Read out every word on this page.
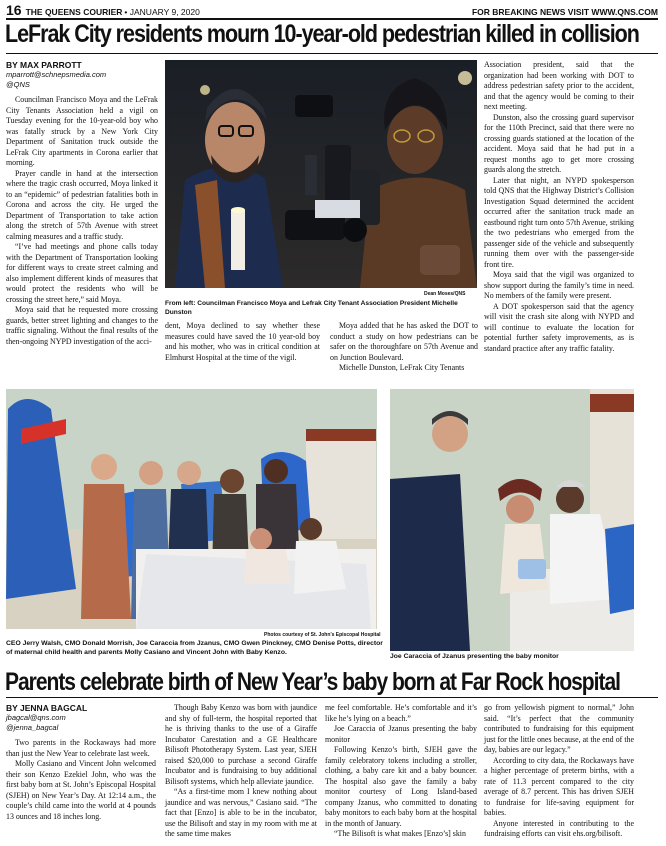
16 THE QUEENS COURIER • JANUARY 9, 2020	FOR BREAKING NEWS VISIT WWW.QNS.COM
LeFrak City residents mourn 10-year-old pedestrian killed in collision
BY MAX PARROTT
mparrott@schnepsmedia.com
@QNS

Councilman Francisco Moya and the LeFrak City Tenants Association held a vigil on Tuesday evening for the 10-year-old boy who was fatally struck by a New York City Department of Sanitation truck outside the LeFrak City apartments in Corona earlier that morning.

Prayer candle in hand at the intersection where the tragic crash occurred, Moya linked it to an “epidemic” of pedestrian fatalities both in Corona and across the city. He urged the Department of Transportation to take action along the stretch of 57th Avenue with street calming measures and a traffic study.

“I’ve had meetings and phone calls today with the Department of Transportation looking for different ways to create street calming and also implement different kinds of measures that would protect the residents who will be crossing the street here,” said Moya.

Moya said that he requested more crossing guards, better street lighting and changes to the traffic signaling. Without the final results of the then-ongoing NYPD investigation of the acci-

Dean Moses/QNS
From left: Councilman Francisco Moya and Lefrak City Tenant Association President Michelle Dunston

dent, Moya declined to say whether these measures could have saved the 10 year-old boy and his mother, who was in critical condition at Elmhurst Hospital at the time of the vigil.

Moya added that he has asked the DOT to conduct a study on how pedestrians can be safer on the thoroughfare on 57th Avenue and on Junction Boulevard.

Michelle Dunston, LeFrak City Tenants

Association president, said that the organization had been working with DOT to address pedestrian safety prior to the accident, and that the agency would be coming to their next meeting.

Dunston, also the crossing guard supervisor for the 110th Precinct, said that there were no crossing guards stationed at the location of the accident. Moya said that he had put in a request months ago to get more crossing guards along the stretch.

Later that night, an NYPD spokesperson told QNS that the Highway District’s Collision Investigation Squad determined the accident occurred after the sanitation truck made an eastbound right turn onto 57th Avenue, striking the two pedestrians who emerged from the passenger side of the vehicle and subsequently running them over with the passenger-side front tire.

Moya said that the vigil was organized to show support during the family’s time in need. No members of the family were present.

A DOT spokesperson said that the agency will visit the crash site along with NYPD and will continue to evaluate the location for potential further safety improvements, as is standard practice after any traffic fatality.

Photos courtesy of St. John’s Episcopal Hospital
CEO Jerry Walsh, CMO Donald Morrish, Joe Caraccia from Jzanus, CMO Gwen Pinckney, CMO Denise Potts, director of maternal child health and parents Molly Casiano and Vincent John with Baby Kenzo.
Joe Caraccia of Jzanus presenting the baby monitor
Parents celebrate birth of New Year’s baby born at Far Rock hospital
BY JENNA BAGCAL
jbagcal@qns.com
@jenna_bagcal

Two parents in the Rockaways had more than just the New Year to celebrate last week.

Molly Casiano and Vincent John welcomed their son Kenzo Ezekiel John, who was the first baby born at St. John’s Episcopal Hospital (SJEH) on New Year’s Day. At 12:14 a.m., the couple’s child came into the world at 4 pounds 13 ounces and 18 inches long.

Though Baby Kenzo was born with jaundice and shy of full-term, the hospital reported that he is thriving thanks to the use of a Giraffe Incubator Carestation and a GE Healthcare Bilisoft Phototherapy System. Last year, SJEH raised $20,000 to purchase a second Giraffe Incubator and is fundraising to buy additional Bilisoft systems, which help alleviate jaundice.

“As a first-time mom I knew nothing about jaundice and was nervous,” Casiano said. “The fact that [Enzo] is able to be in the incubator, use the Bilisoft and stay in my room with me at the same time makes

me feel comfortable. He’s comfortable and it’s like he’s lying on a beach.”

Joe Caraccia of Jzanus presenting the baby monitor

Following Kenzo’s birth, SJEH gave the family celebratory tokens including a stroller, clothing, a baby care kit and a baby bouncer. The hospital also gave the family a baby monitor courtesy of Long Island-based company Jzanus, who committed to donating baby monitors to each baby born at the hospital in the month of January.

“The Bilisoft is what makes [Enzo’s] skin

go from yellowish pigment to normal,” John said. “It’s perfect that the community contributed to fundraising for this equipment just for the little ones because, at the end of the day, babies are our legacy.”

According to city data, the Rockaways have a higher percentage of preterm births, with a rate of 11.3 percent compared to the city average of 8.7 percent. This has driven SJEH to fundraise for life-saving equipment for babies.

Anyone interested in contributing to the fundraising efforts can visit ehs.org/bilisoft.
